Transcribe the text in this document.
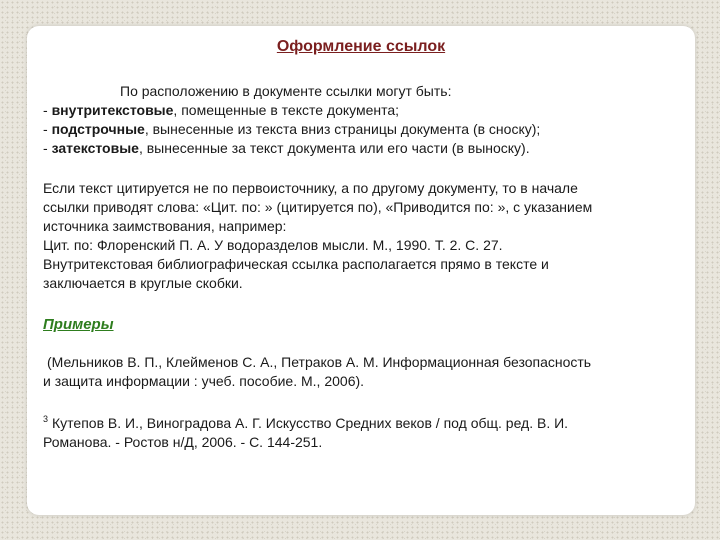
Оформление ссылок
По расположению в документе ссылки могут быть:
- внутритекстовые, помещенные в тексте документа;
- подстрочные, вынесенные из текста вниз страницы документа (в сноску);
- затекстовые, вынесенные за текст документа или его части (в выноску).
Если текст цитируется не по первоисточнику, а по другому документу, то в начале
ссылки приводят слова: «Цит. по: » (цитируется по), «Приводится по: », с указанием
источника заимствования, например:
Цит. по: Флоренский П. А. У водоразделов мысли. М., 1990. Т. 2. С. 27.
Внутритекстовая библиографическая ссылка располагается прямо в тексте и
заключается в круглые скобки.
Примеры
(Мельников В. П., Клейменов С. А., Петраков А. М. Информационная безопасность
и защита информации : учеб. пособие. М., 2006).
$^3$ Кутепов В. И., Виноградова А. Г. Искусство Средних веков / под общ. ред. В. И.
Романова. - Ростов н/Д, 2006. - С. 144-251.
